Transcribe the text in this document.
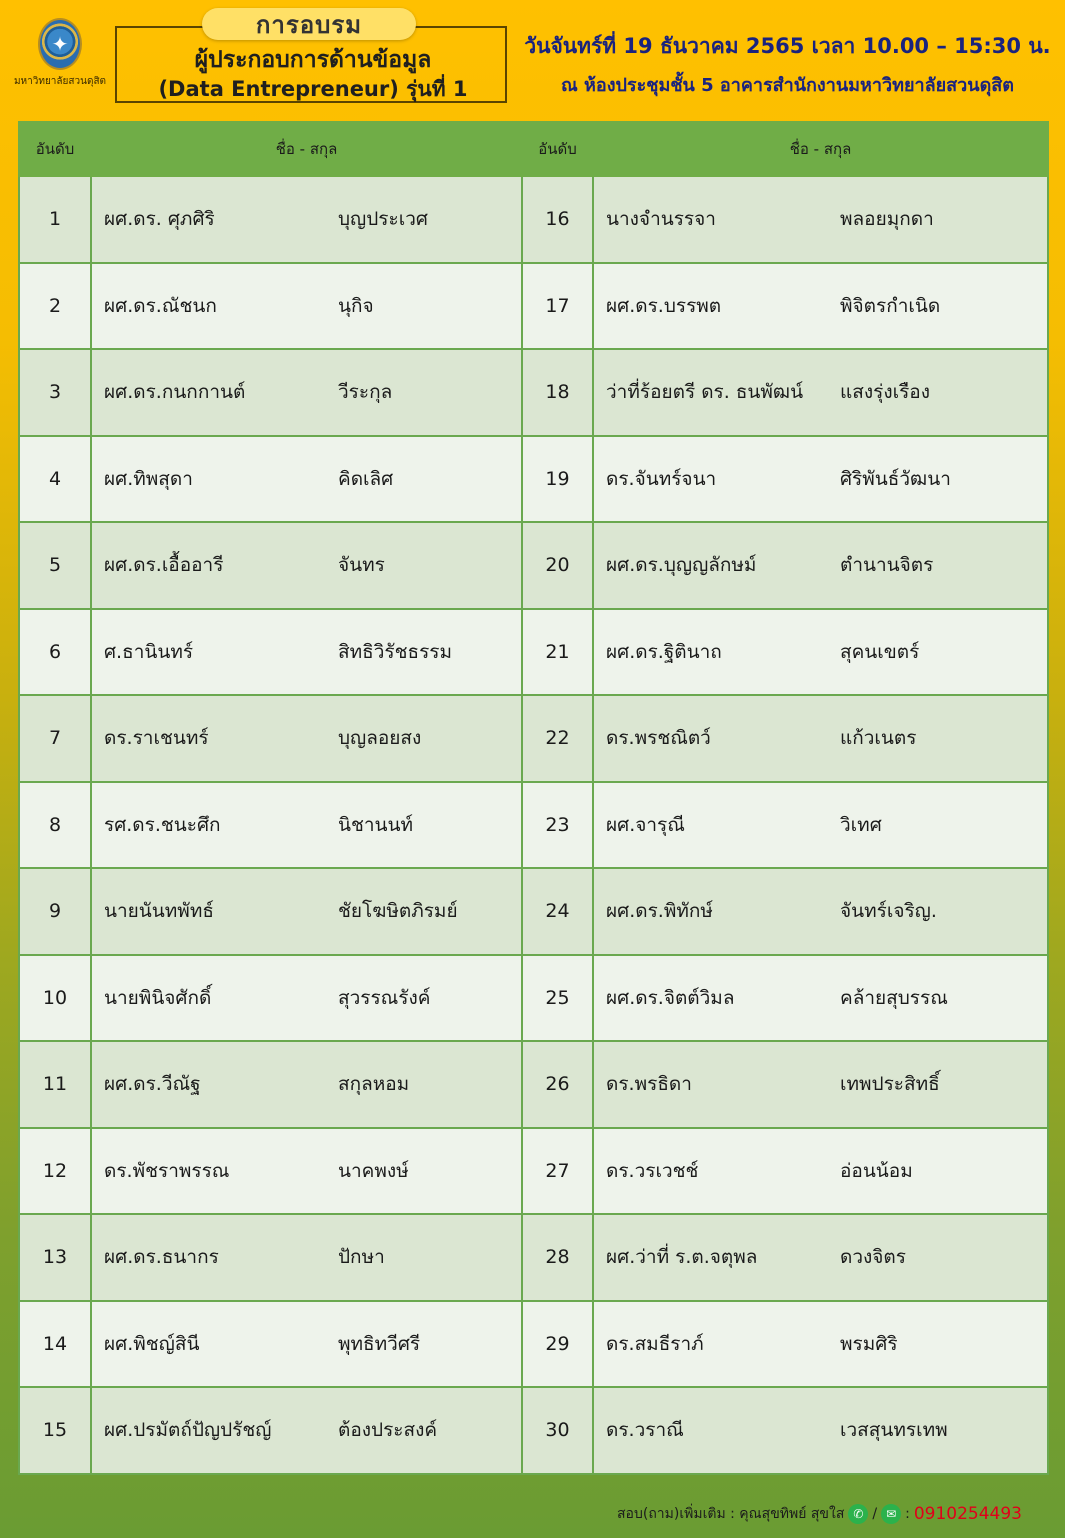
✦
มหาวิทยาลัยสวนดุสิต
การอบรม
ผู้ประกอบการด้านข้อมูล
(Data Entrepreneur) รุ่นที่ 1
วันจันทร์ที่ 19 ธันวาคม 2565 เวลา 10.00 – 15:30 น.
ณ ห้องประชุมชั้น 5 อาคารสำนักงานมหาวิทยาลัยสวนดุสิต
อันดับ	ชื่อ - สกุล	อันดับ	ชื่อ - สกุล
1	ผศ.ดร. ศุภศิริ บุญประเวศ	16	นางจำนรรจา พลอยมุกดา

2	ผศ.ดร.ณัชนก นุกิจ	17	ผศ.ดร.บรรพต พิจิตรกำเนิด

3	ผศ.ดร.กนกกานต์ วีระกุล	18	ว่าที่ร้อยตรี ดร. ธนพัฒน์ แสงรุ่งเรือง

4	ผศ.ทิพสุดา คิดเลิศ	19	ดร.จันทร์จนา ศิริพันธ์วัฒนา

5	ผศ.ดร.เอื้ออารี จันทร	20	ผศ.ดร.บุญญลักษม์ ตำนานจิตร

6	ศ.ธานินทร์ สิทธิวิรัชธรรม	21	ผศ.ดร.ฐิตินาถ สุคนเขตร์

7	ดร.ราเชนทร์ บุญลอยสง	22	ดร.พรชณิตว์ แก้วเนตร

8	รศ.ดร.ชนะศึก นิชานนท์	23	ผศ.จารุณี วิเทศ

9	นายนันทพัทธ์ ชัยโฆษิตภิรมย์	24	ผศ.ดร.พิทักษ์ จันทร์เจริญ.

10	นายพินิจศักดิ์ สุวรรณรังค์	25	ผศ.ดร.จิตต์วิมล คล้ายสุบรรณ

11	ผศ.ดร.วีณัฐ สกุลหอม	26	ดร.พรธิดา เทพประสิทธิ์

12	ดร.พัชราพรรณ นาคพงษ์	27	ดร.วรเวชช์ อ่อนน้อม

13	ผศ.ดร.ธนากร ปักษา	28	ผศ.ว่าที่ ร.ต.จตุพล ดวงจิตร

14	ผศ.พิชญ์สินี พุทธิทวีศรี	29	ดร.สมธีราภ์ พรมศิริ

15	ผศ.ปรมัตถ์ปัญปรัชญ์ ต้องประสงค์	30	ดร.วราณี เวสสุนทรเทพ
สอบ(ถาม)เพิ่มเติม : คุณสุขทิพย์ สุขใส ✆ / ✉ : 0910254493
